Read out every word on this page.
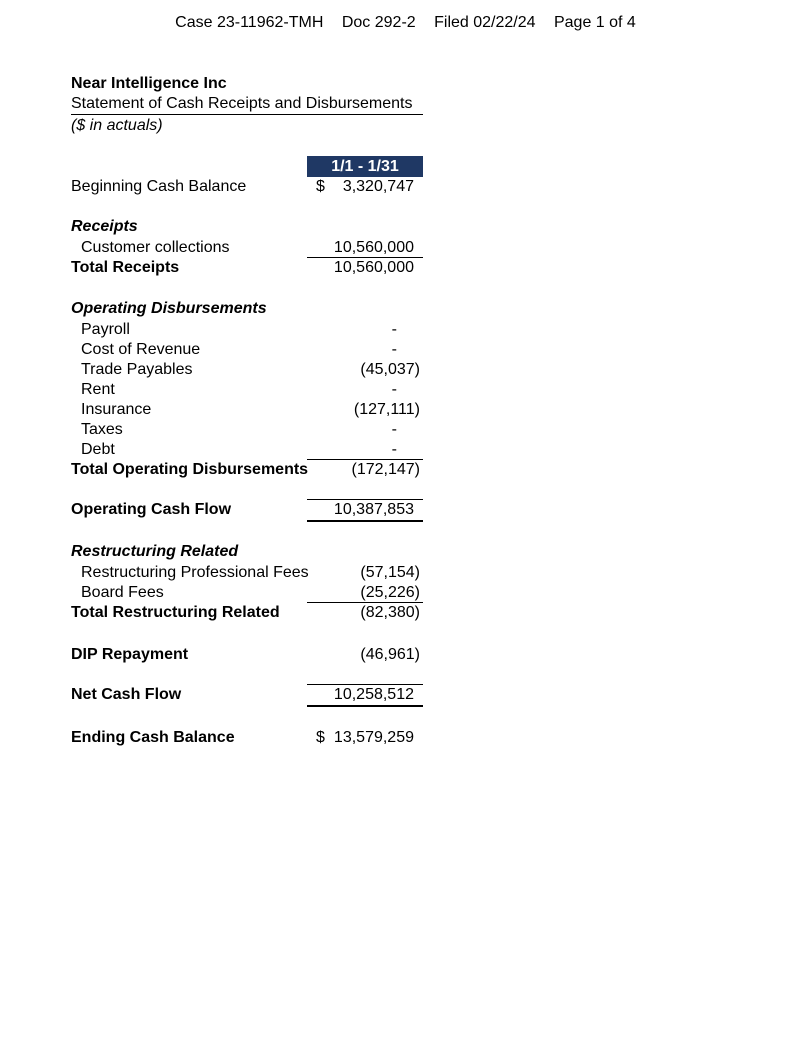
Case 23-11962-TMH Doc 292-2 Filed 02/22/24 Page 1 of 4
Near Intelligence Inc
Statement of Cash Receipts and Disbursements
($ in actuals)
1/1 - 1/31
Beginning Cash Balance	$ 3,320,747
Receipts
Customer collections	10,560,000
Total Receipts	10,560,000
Operating Disbursements
Payroll	-
Cost of Revenue	-
Trade Payables	(45,037)
Rent	-
Insurance	(127,111)
Taxes	-
Debt	-
Total Operating Disbursements	(172,147)
Operating Cash Flow	10,387,853
Restructuring Related
Restructuring Professional Fees	(57,154)
Board Fees	(25,226)
Total Restructuring Related	(82,380)
DIP Repayment	(46,961)
Net Cash Flow	10,258,512
Ending Cash Balance	$ 13,579,259
